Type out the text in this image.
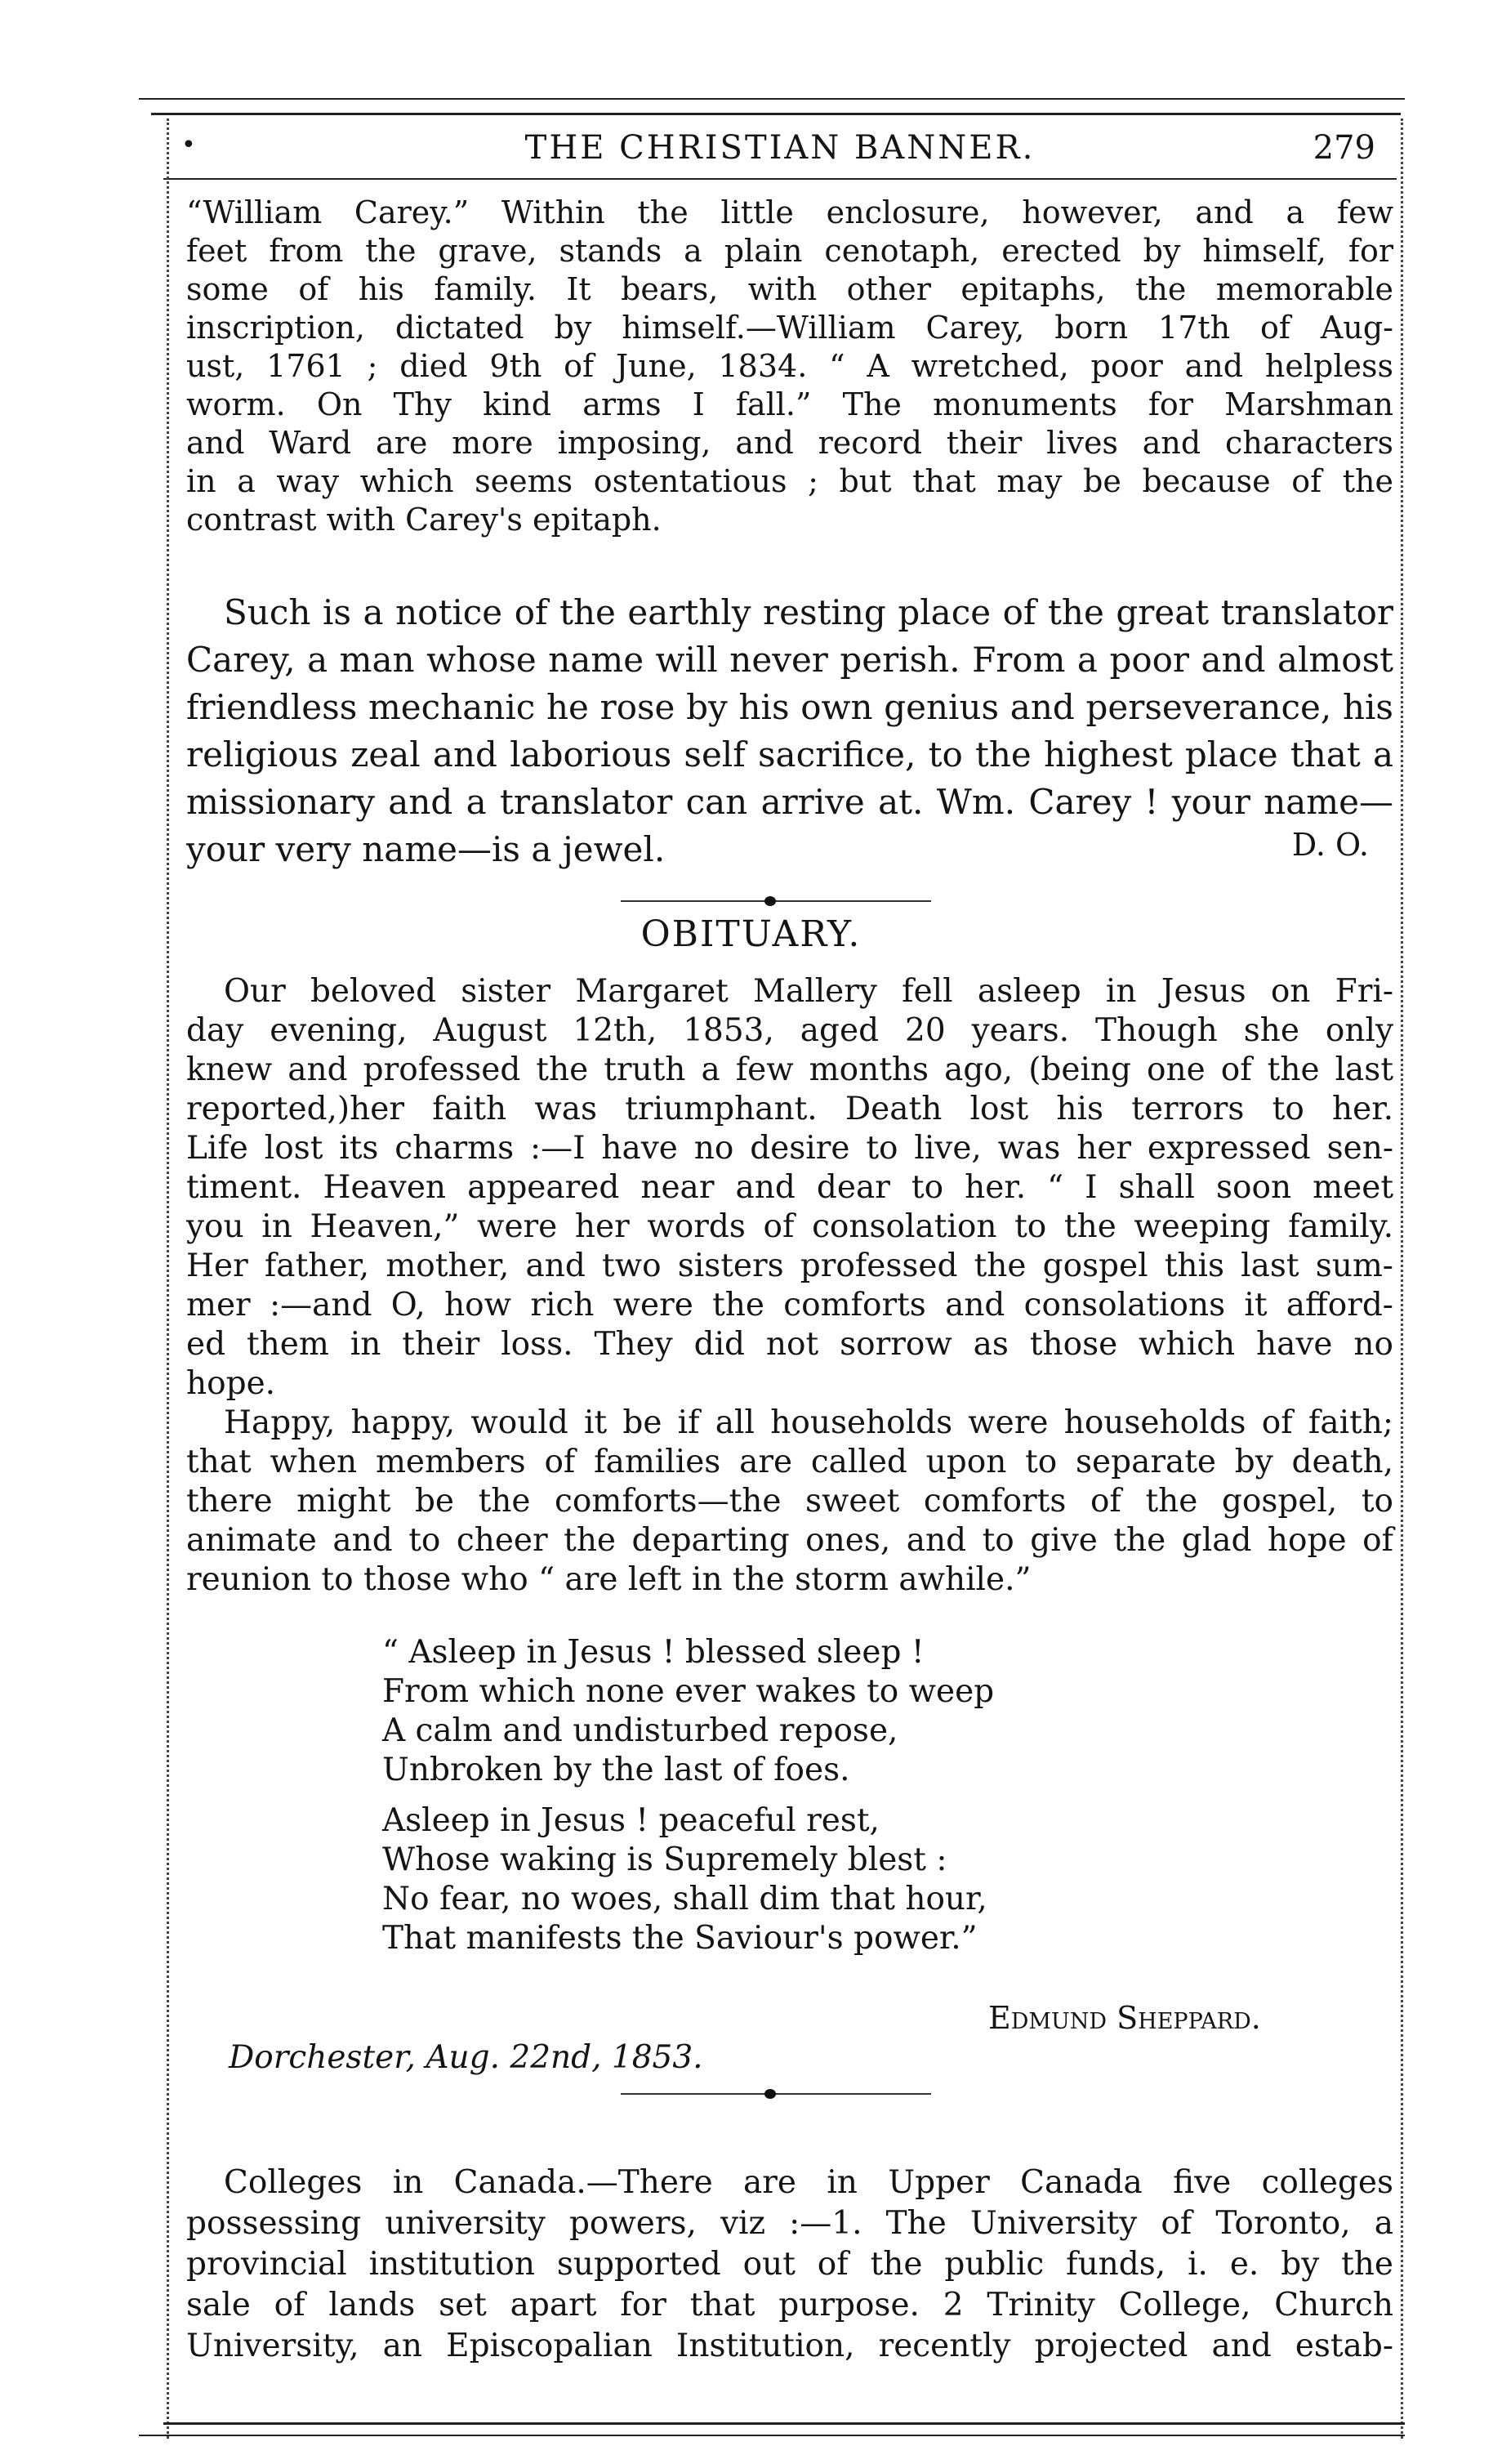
•	THE CHRISTIAN BANNER.	279
“William Carey.” Within the little enclosure, however, and a few
feet from the grave, stands a plain cenotaph, erected by himself, for
some of his family. It bears, with other epitaphs, the memorable
inscription, dictated by himself.—William Carey, born 17th of Aug-
ust, 1761 ; died 9th of June, 1834. “ A wretched, poor and helpless
worm. On Thy kind arms I fall.” The monuments for Marshman
and Ward are more imposing, and record their lives and characters
in a way which seems ostentatious ; but that may be because of the
contrast with Carey's epitaph.
Such is a notice of the earthly resting place of the great translator
Carey, a man whose name will never perish. From a poor and almost
friendless mechanic he rose by his own genius and perseverance, his
religious zeal and laborious self sacrifice, to the highest place that a
missionary and a translator can arrive at. Wm. Carey ! your name—
your very name—is a jewel.	D. O.
OBITUARY.
Our beloved sister Margaret Mallery fell asleep in Jesus on Fri-
day evening, August 12th, 1853, aged 20 years. Though she only
knew and professed the truth a few months ago, (being one of the last
reported,)her faith was triumphant. Death lost his terrors to her.
Life lost its charms :—I have no desire to live, was her expressed sen-
timent. Heaven appeared near and dear to her. “ I shall soon meet
you in Heaven,” were her words of consolation to the weeping family.
Her father, mother, and two sisters professed the gospel this last sum-
mer :—and O, how rich were the comforts and consolations it afford-
ed them in their loss. They did not sorrow as those which have no
hope.
Happy, happy, would it be if all households were households of faith;
that when members of families are called upon to separate by death,
there might be the comforts—the sweet comforts of the gospel, to
animate and to cheer the departing ones, and to give the glad hope of
reunion to those who “ are left in the storm awhile.”
“ Asleep in Jesus ! blessed sleep !
From which none ever wakes to weep
A calm and undisturbed repose,
Unbroken by the last of foes.
Asleep in Jesus ! peaceful rest,
Whose waking is Supremely blest :
No fear, no woes, shall dim that hour,
That manifests the Saviour's power.”
Edmund Sheppard.
Dorchester, Aug. 22nd, 1853.
Colleges in Canada.—There are in Upper Canada five colleges
possessing university powers, viz :—1. The University of Toronto, a
provincial institution supported out of the public funds, i. e. by the
sale of lands set apart for that purpose. 2 Trinity College, Church
University, an Episcopalian Institution, recently projected and estab-
